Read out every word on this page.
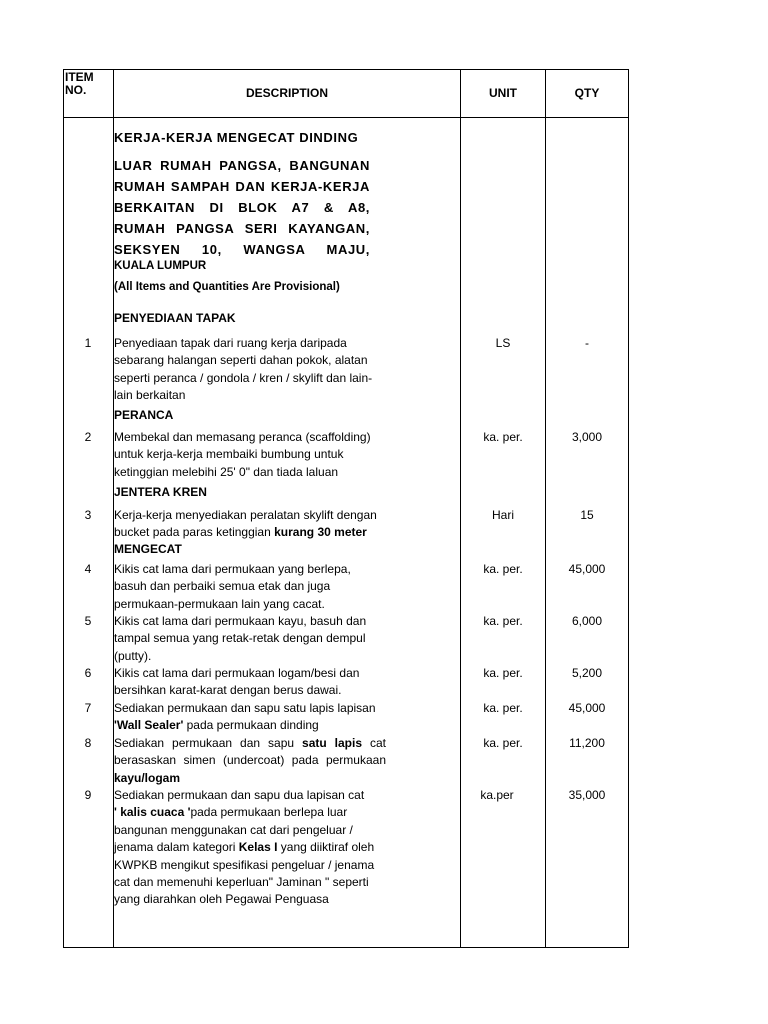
ITEM NO.	DESCRIPTION	UNIT	QTY
KERJA-KERJA MENGECAT DINDING
LUAR RUMAH PANGSA, BANGUNAN
RUMAH SAMPAH DAN KERJA-KERJA
BERKAITAN DI BLOK A7 & A8,
RUMAH PANGSA SERI KAYANGAN,
SEKSYEN 10, WANGSA MAJU,
KUALA LUMPUR
(All Items and Quantities Are Provisional)
PENYEDIAAN TAPAK
1	Penyediaan tapak dari ruang kerja daripada
sebarang halangan seperti dahan pokok, alatan
seperti peranca / gondola / kren / skylift dan lain-
lain berkaitan
LS	-
PERANCA
2	Membekal dan memasang peranca (scaffolding)
untuk kerja-kerja membaiki bumbung untuk
ketinggian melebihi 25' 0" dan tiada laluan
ka. per.	3,000
JENTERA KREN
3	Kerja-kerja menyediakan peralatan skylift dengan
bucket pada paras ketinggian kurang 30 meter
Hari	15
MENGECAT
4	Kikis cat lama dari permukaan yang berlepa,
basuh dan perbaiki semua etak dan juga
permukaan-permukaan lain yang cacat.
ka. per.	45,000
5	Kikis cat lama dari permukaan kayu, basuh dan
tampal semua yang retak-retak dengan dempul
(putty).
ka. per.	6,000
6	Kikis cat lama dari permukaan logam/besi dan
bersihkan karat-karat dengan berus dawai.
ka. per.	5,200
7	Sediakan permukaan dan sapu satu lapis lapisan
'Wall Sealer' pada permukaan dinding
ka. per.	45,000
8	Sediakan permukaan dan sapu satu lapis cat
berasaskan simen (undercoat) pada permukaan
kayu/logam
ka. per.	11,200
9	Sediakan permukaan dan sapu dua lapisan cat
' kalis cuaca 'pada permukaan berlepa luar
bangunan menggunakan cat dari pengeluar /
jenama dalam kategori Kelas I yang diiktiraf oleh
KWPKB mengikut spesifikasi pengeluar / jenama
cat dan memenuhi keperluan" Jaminan " seperti
yang diarahkan oleh Pegawai Penguasa
ka.per	35,000
